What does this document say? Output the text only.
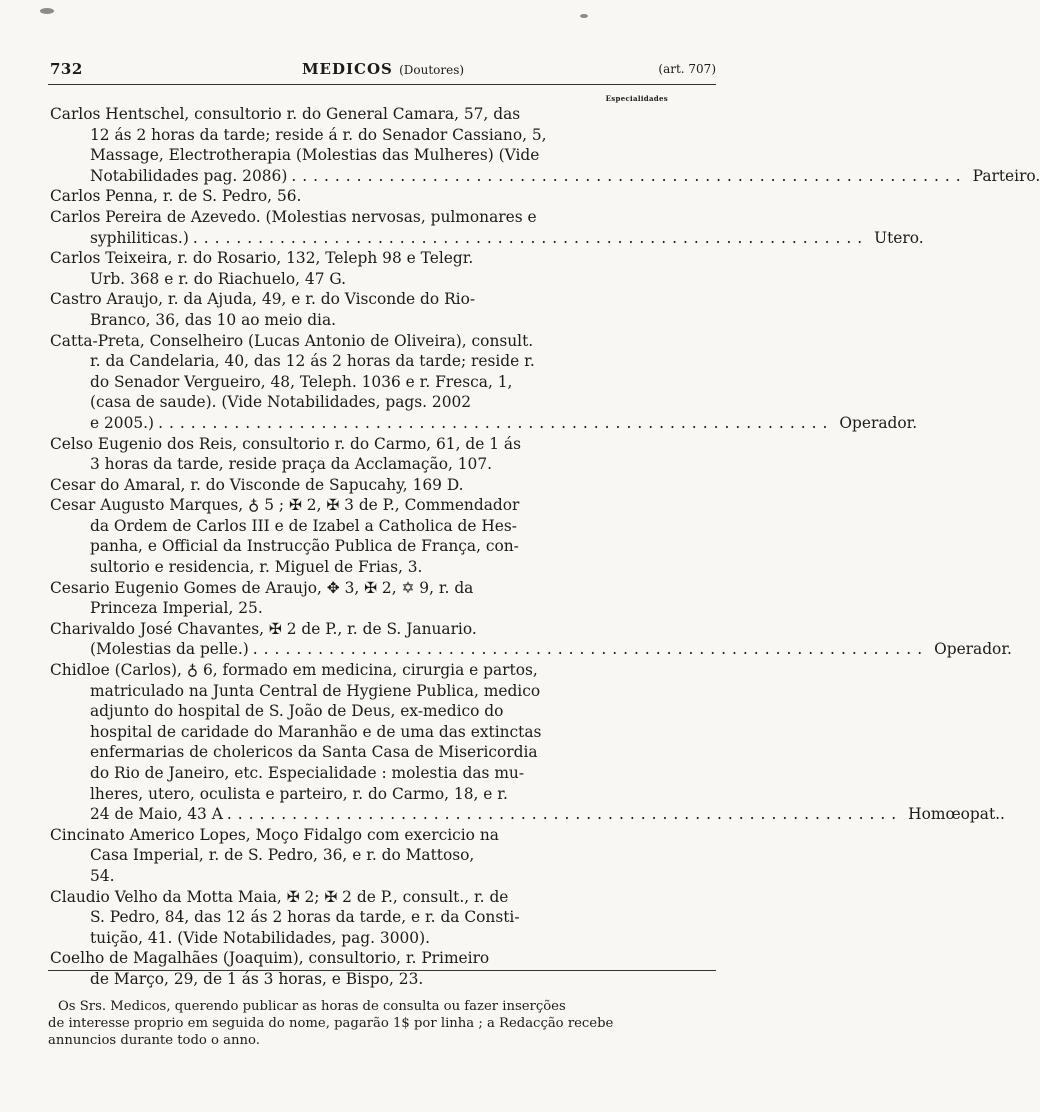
732	MEDICOS (Doutores)	(art. 707)
Especialidades
Carlos Hentschel, consultorio r. do General Camara, 57, das
12 ás 2 horas da tarde; reside á r. do Senador Cassiano, 5,
Massage, Electrotherapia (Molestias das Mulheres) (Vide
Notabilidades pag. 2086) .............................................................. Parteiro.
Carlos Penna, r. de S. Pedro, 56.
Carlos Pereira de Azevedo. (Molestias nervosas, pulmonares e
syphiliticas.) .............................................................. Utero.
Carlos Teixeira, r. do Rosario, 132, Teleph 98 e Telegr.
Urb. 368 e r. do Riachuelo, 47 G.
Castro Araujo, r. da Ajuda, 49, e r. do Visconde do Rio-
Branco, 36, das 10 ao meio dia.
Catta-Preta, Conselheiro (Lucas Antonio de Oliveira), consult.
r. da Candelaria, 40, das 12 ás 2 horas da tarde; reside r.
do Senador Vergueiro, 48, Teleph. 1036 e r. Fresca, 1,
(casa de saude). (Vide Notabilidades, pags. 2002
e 2005.) .............................................................. Operador.
Celso Eugenio dos Reis, consultorio r. do Carmo, 61, de 1 ás
3 horas da tarde, reside praça da Acclamação, 107.
Cesar do Amaral, r. do Visconde de Sapucahy, 169 D.
Cesar Augusto Marques, ♁ 5 ; ✠ 2, ✠ 3 de P., Commendador
da Ordem de Carlos III e de Izabel a Catholica de Hes-
panha, e Official da Instrucção Publica de França, con-
sultorio e residencia, r. Miguel de Frias, 3.
Cesario Eugenio Gomes de Araujo, ✥ 3, ✠ 2, ✡ 9, r. da
Princeza Imperial, 25.
Charivaldo José Chavantes, ✠ 2 de P., r. de S. Januario.
(Molestias da pelle.) .............................................................. Operador.
Chidloe (Carlos), ♁ 6, formado em medicina, cirurgia e partos,
matriculado na Junta Central de Hygiene Publica, medico
adjunto do hospital de S. João de Deus, ex-medico do
hospital de caridade do Maranhão e de uma das extinctas
enfermarias de cholericos da Santa Casa de Misericordia
do Rio de Janeiro, etc. Especialidade : molestia das mu-
lheres, utero, oculista e parteiro, r. do Carmo, 18, e r.
24 de Maio, 43 A .............................................................. Homœopat..
Cincinato Americo Lopes, Moço Fidalgo com exercicio na
Casa Imperial, r. de S. Pedro, 36, e r. do Mattoso,
54.
Claudio Velho da Motta Maia, ✠ 2; ✠ 2 de P., consult., r. de
S. Pedro, 84, das 12 ás 2 horas da tarde, e r. da Consti-
tuição, 41. (Vide Notabilidades, pag. 3000).
Coelho de Magalhães (Joaquim), consultorio, r. Primeiro
de Março, 29, de 1 ás 3 horas, e Bispo, 23.
Os Srs. Medicos, querendo publicar as horas de consulta ou fazer inserções
de interesse proprio em seguida do nome, pagarão 1$ por linha ; a Redacção recebe
annuncios durante todo o anno.
